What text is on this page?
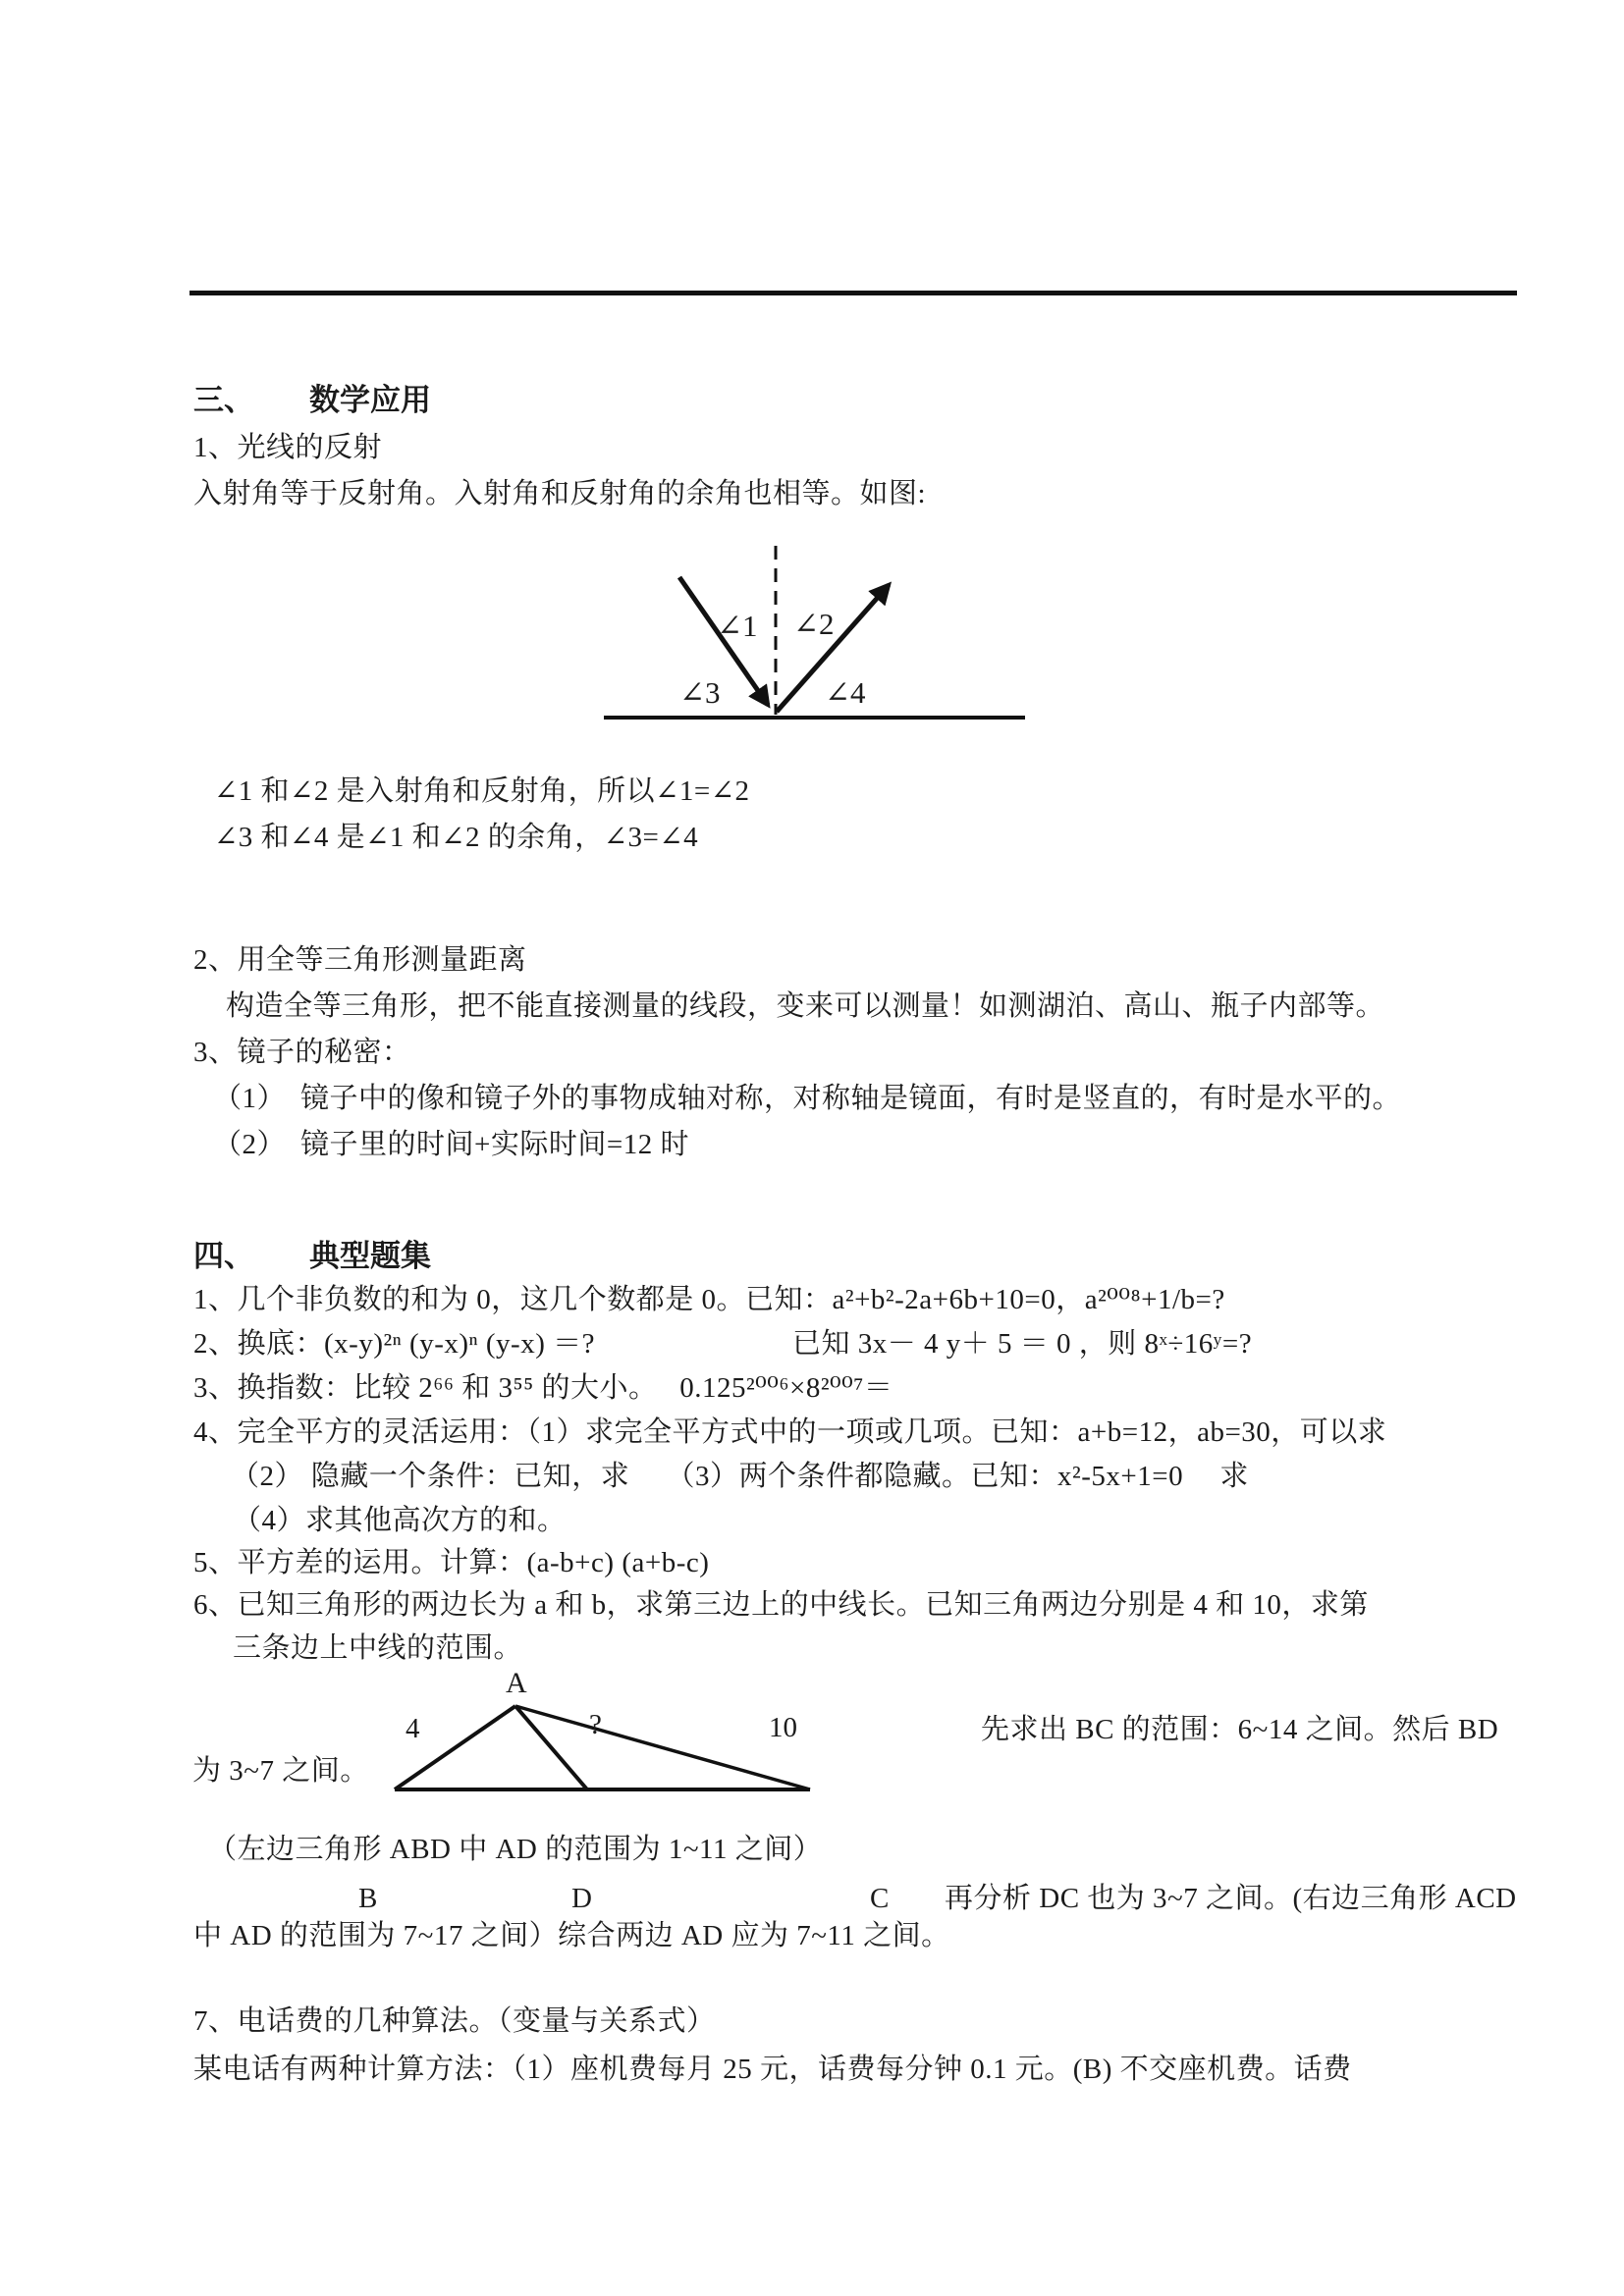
三、 数学应用
1、光线的反射
入射角等于反射角。入射角和反射角的余角也相等。如图:
∠1 ∠2
∠3	∠4
∠1 和∠2 是入射角和反射角，所以∠1=∠2
∠3 和∠4 是∠1 和∠2 的余角，∠3=∠4
2、用全等三角形测量距离
构造全等三角形，把不能直接测量的线段，变来可以测量！如测湖泊、高山、瓶子内部等。
3、镜子的秘密：
（1）　镜子中的像和镜子外的事物成轴对称，对称轴是镜面，有时是竖直的，有时是水平的。
（2）　镜子里的时间+实际时间=12 时
四、 典型题集
1、几个非负数的和为 0，这几个数都是 0。已知：a²+b²-2a+6b+10=0，a²⁰⁰⁸+1/b=?
2、换底：(x-y)²ⁿ (y-x)ⁿ (y-x) ＝?	已知 3x－ 4 y＋ 5 ＝ 0 ，则 8ˣ÷16ʸ=?
3、换指数：比较 2⁶⁶ 和 3⁵⁵ 的大小。　 0.125²⁰⁰⁶×8²⁰⁰⁷＝
4、完全平方的灵活运用：（1）求完全平方式中的一项或几项。已知：a+b=12，ab=30，可以求
（2） 隐藏一个条件：已知，求　 （3）两个条件都隐藏。已知：x²-5x+1=0　 求
（4）求其他高次方的和。
5、平方差的运用。计算：(a-b+c) (a+b-c)
6、已知三角形的两边长为 a 和 b，求第三边上的中线长。已知三角两边分别是 4 和 10，求第
三条边上中线的范围。
A
4	?	10	先求出 BC 的范围：6~14 之间。然后 BD
为 3~7 之间。
（左边三角形 ABD 中 AD 的范围为 1~11 之间）
B	D	C 再分析 DC 也为 3~7 之间。(右边三角形 ACD
中 AD 的范围为 7~17 之间）综合两边 AD 应为 7~11 之间。
7、电话费的几种算法。（变量与关系式）
某电话有两种计算方法：（1）座机费每月 25 元，话费每分钟 0.1 元。(B) 不交座机费。话费
